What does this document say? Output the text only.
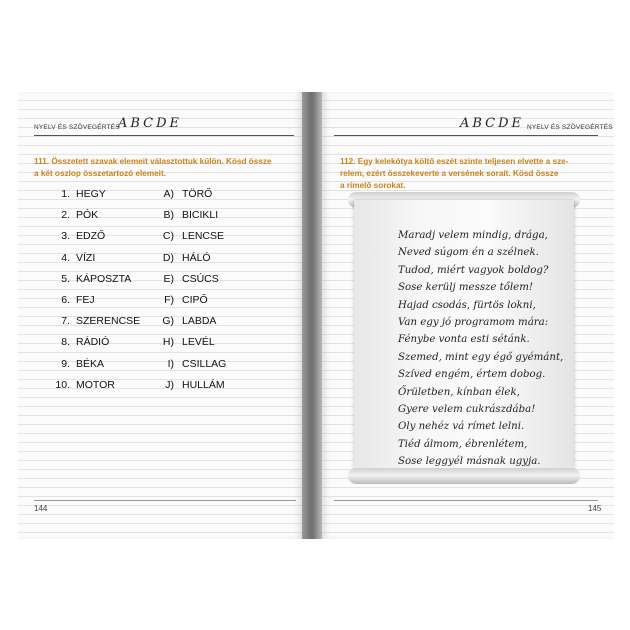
NYELV ÉS SZÖVEGÉRTÉS
ABCDE
111. Összetett szavak elemeit választottuk külön. Kösd össze
a két oszlop összetartozó elemeit.
1. HEGY
2. PÓK
3. EDZŐ
4. VÍZI
5. KÁPOSZTA
6. FEJ
7. SZERENCSE
8. RÁDIÓ
9. BÉKA
10. MOTOR
A) TÖRŐ
B) BICIKLI
C) LENCSE
D) HÁLÓ
E) CSÚCS
F) CIPŐ
G) LABDA
H) LEVÉL
I) CSILLAG
J) HULLÁM
144
ABCDE NYELV ÉS SZÖVEGÉRTÉS
112. Egy kelekótya költő eszét szinte teljesen elvette a sze-
relem, ezért összekeverte a versének sorait. Kösd össze
a rímelő sorokat.
Maradj velem mindig, drága,
Neved súgom én a szélnek.
Tudod, miért vagyok boldog?
Sose kerülj messze tőlem!
Hajad csodás, fürtös lokni,
Van egy jó programom mára:
Fénybe vonta esti sétánk.
Szemed, mint egy égő gyémánt,
Szíved engém, értem dobog.
Őrületben, kínban élek,
Gyere velem cukrászdába!
Oly nehéz vá rímet lelni.
Tiéd álmom, ébrenlétem,
Sose leggyél másnak ugyja.
145
